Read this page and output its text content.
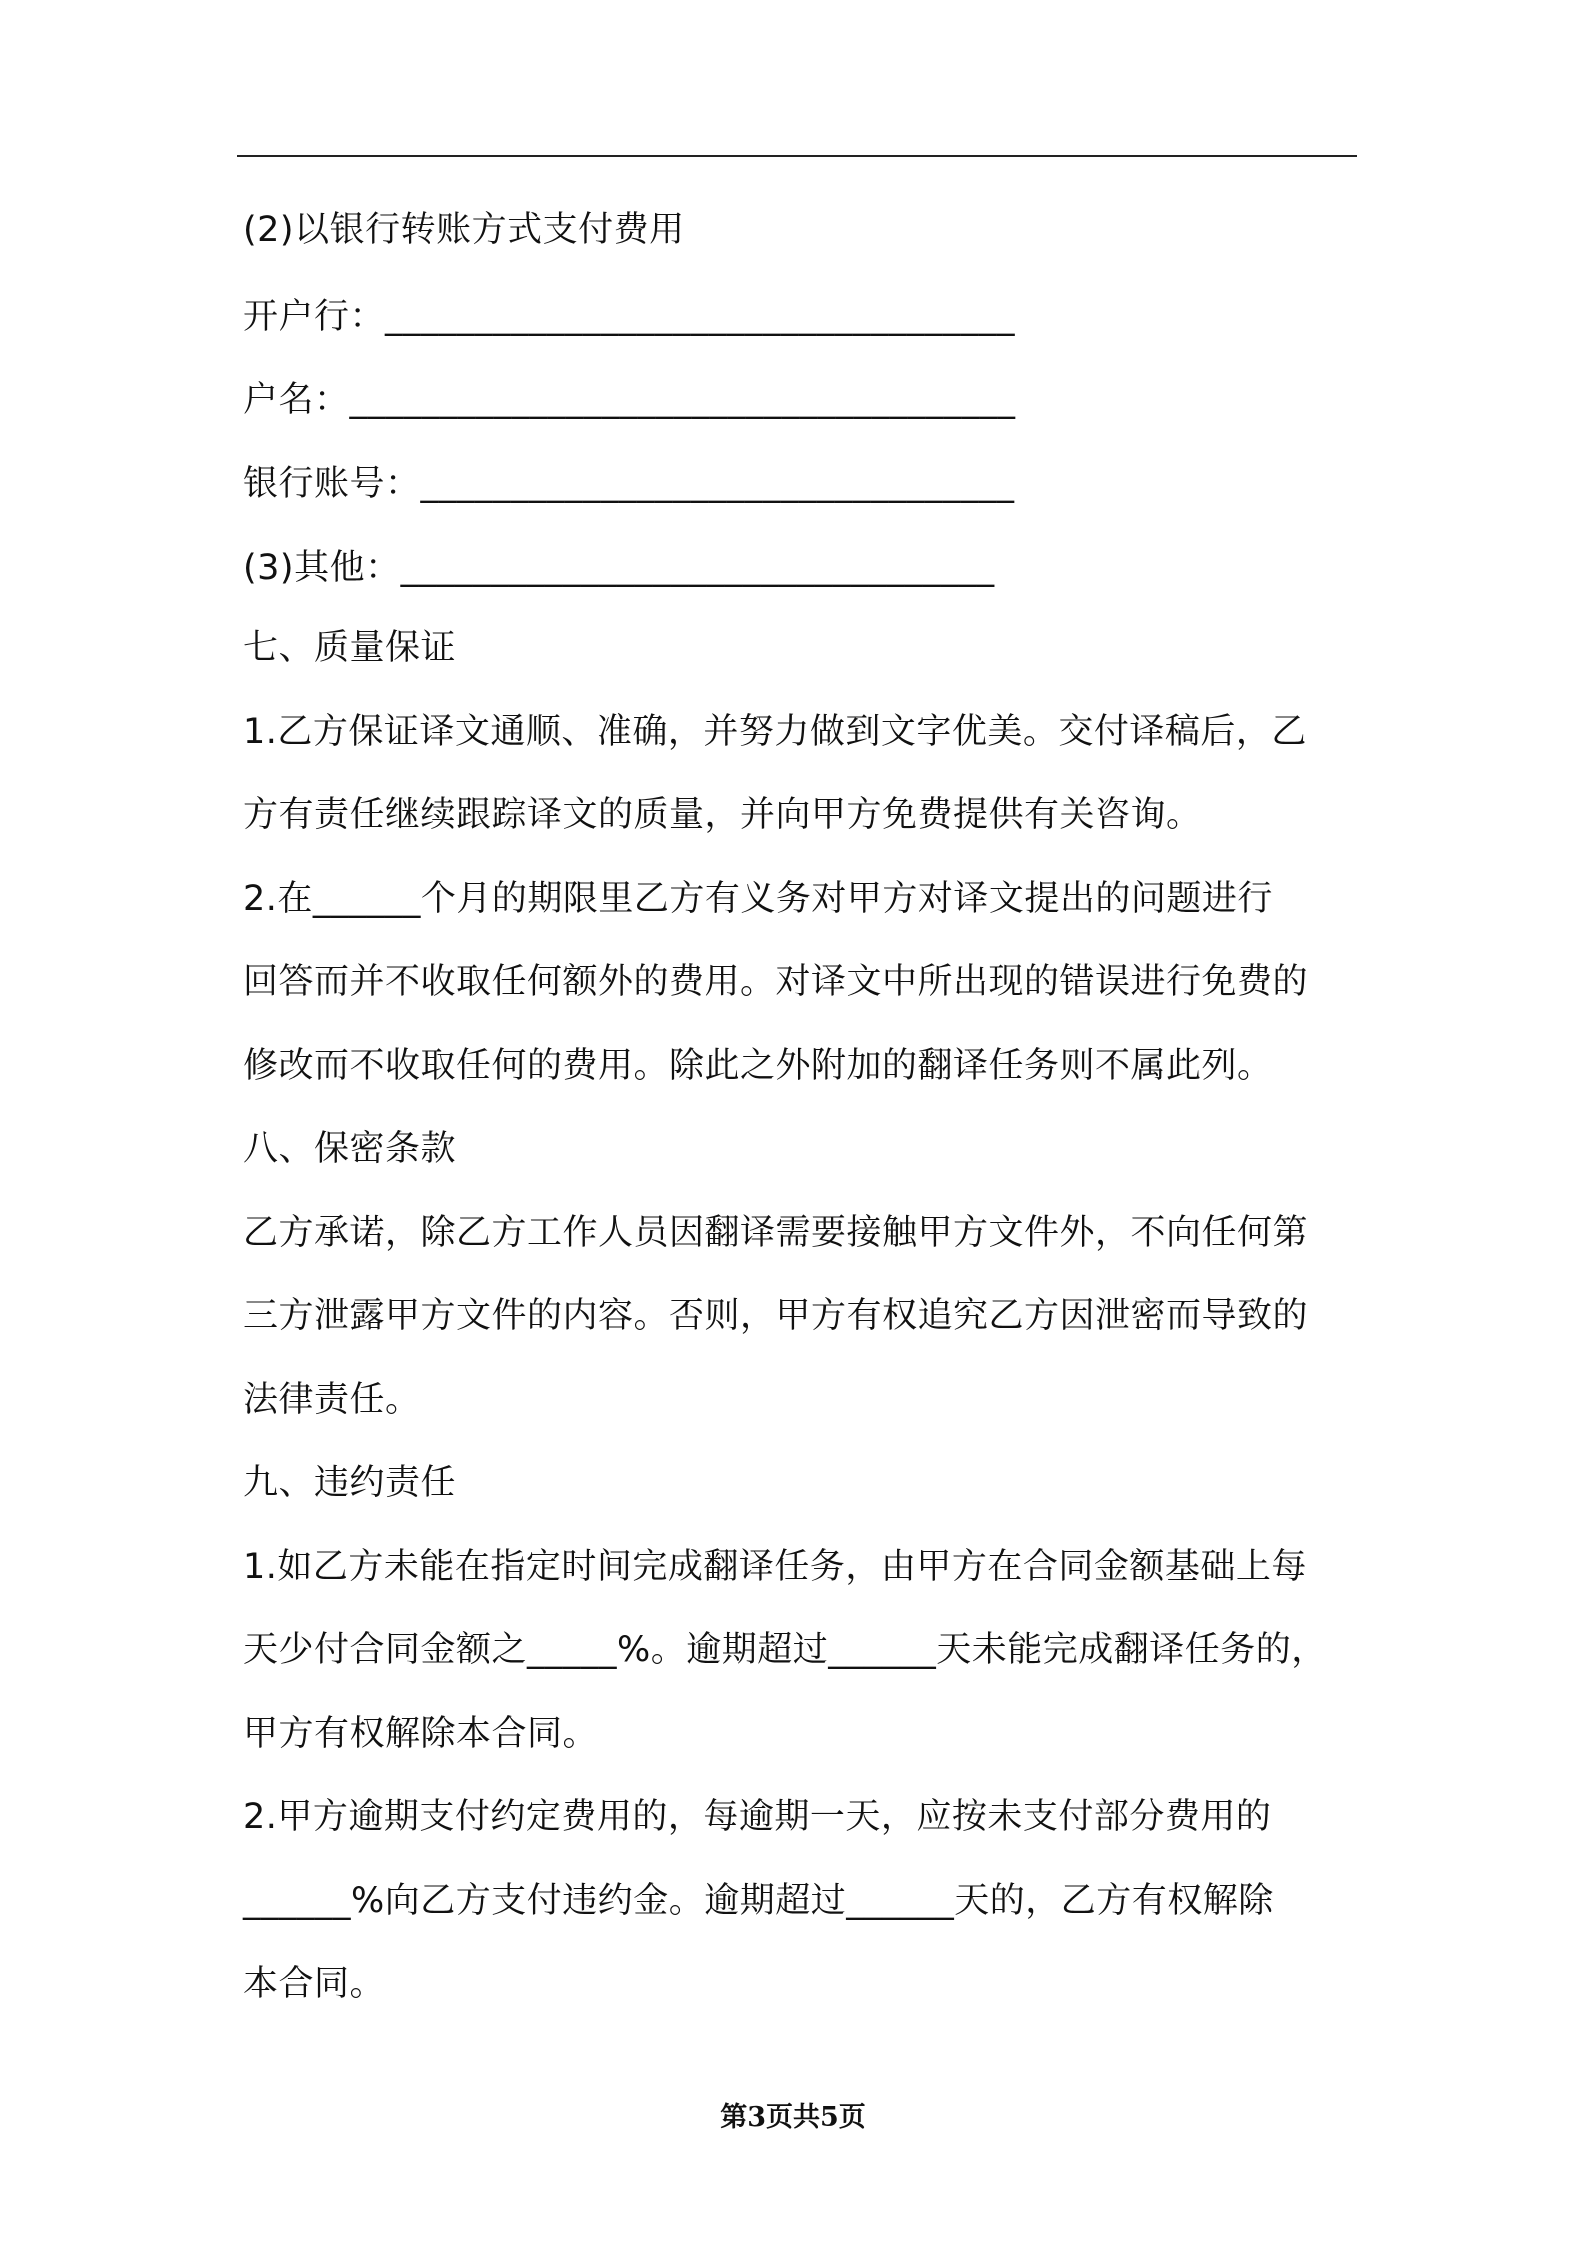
(2)以银行转账方式支付费用
开户行：___________________________________
户名：_____________________________________
银行账号：_________________________________
(3)其他：_________________________________
七、质量保证
1.乙方保证译文通顺、准确，并努力做到文字优美。交付译稿后，乙
方有责任继续跟踪译文的质量，并向甲方免费提供有关咨询。
2.在______个月的期限里乙方有义务对甲方对译文提出的问题进行
回答而并不收取任何额外的费用。对译文中所出现的错误进行免费的
修改而不收取任何的费用。除此之外附加的翻译任务则不属此列。
八、保密条款
乙方承诺，除乙方工作人员因翻译需要接触甲方文件外，不向任何第
三方泄露甲方文件的内容。否则，甲方有权追究乙方因泄密而导致的
法律责任。
九、违约责任
1.如乙方未能在指定时间完成翻译任务，由甲方在合同金额基础上每
天少付合同金额之_____%。逾期超过______天未能完成翻译任务的，
甲方有权解除本合同。
2.甲方逾期支付约定费用的，每逾期一天，应按未支付部分费用的
______%向乙方支付违约金。逾期超过______天的，乙方有权解除
本合同。
第3页共5页
